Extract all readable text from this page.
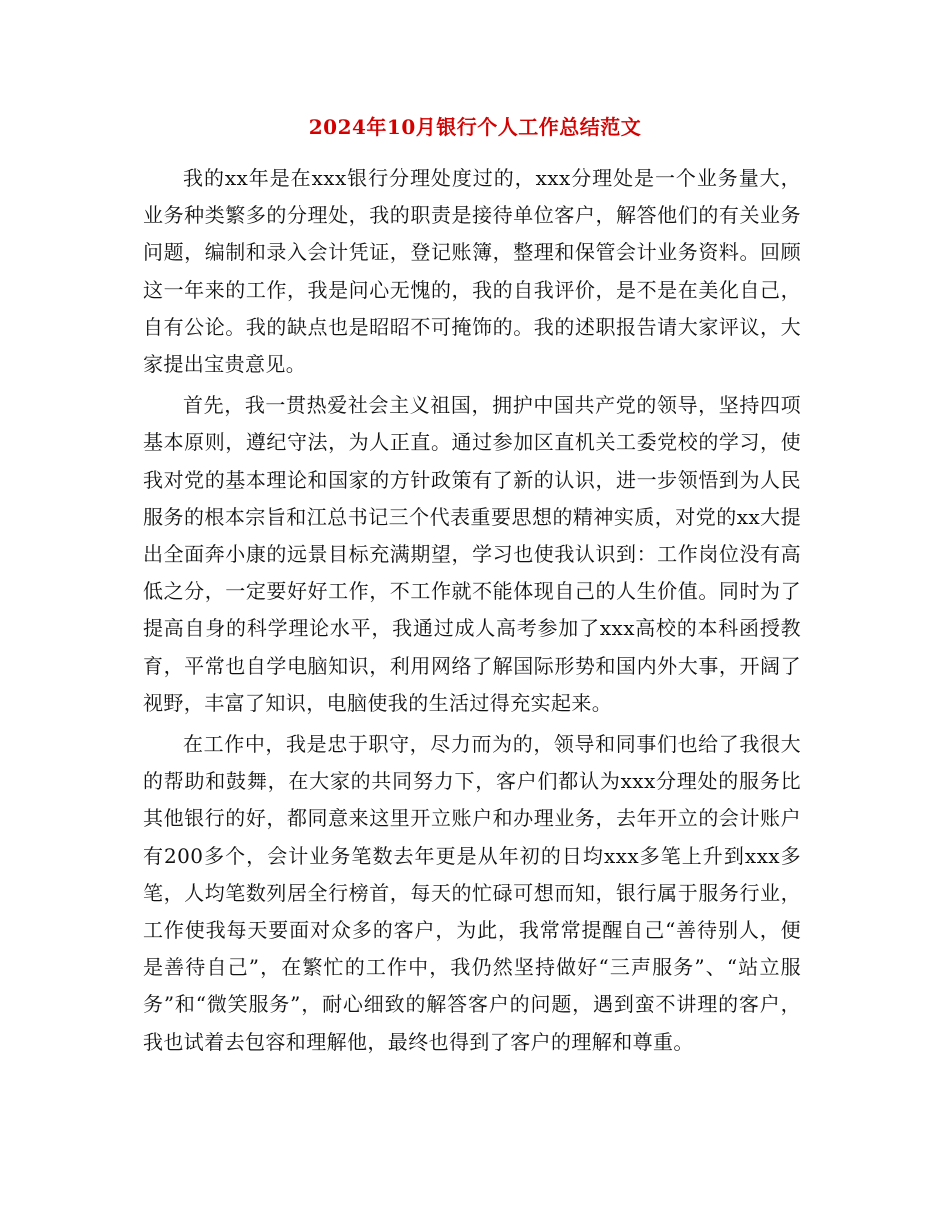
2024年10月银行个人工作总结范文

我的xx年是在xxx银行分理处度过的，xxx分理处是一个业务量大，业务种类繁多的分理处，我的职责是接待单位客户，解答他们的有关业务问题，编制和录入会计凭证，登记账簿，整理和保管会计业务资料。回顾这一年来的工作，我是问心无愧的，我的自我评价，是不是在美化自己，自有公论。我的缺点也是昭昭不可掩饰的。我的述职报告请大家评议，大家提出宝贵意见。

首先，我一贯热爱社会主义祖国，拥护中国共产党的领导，坚持四项基本原则，遵纪守法，为人正直。通过参加区直机关工委党校的学习，使我对党的基本理论和国家的方针政策有了新的认识，进一步领悟到为人民服务的根本宗旨和江总书记三个代表重要思想的精神实质，对党的xx大提出全面奔小康的远景目标充满期望，学习也使我认识到：工作岗位没有高低之分，一定要好好工作，不工作就不能体现自己的人生价值。同时为了提高自身的科学理论水平，我通过成人高考参加了xxx高校的本科函授教育，平常也自学电脑知识，利用网络了解国际形势和国内外大事，开阔了视野，丰富了知识，电脑使我的生活过得充实起来。

在工作中，我是忠于职守，尽力而为的，领导和同事们也给了我很大的帮助和鼓舞，在大家的共同努力下，客户们都认为xxx分理处的服务比其他银行的好，都同意来这里开立账户和办理业务，去年开立的会计账户有200多个，会计业务笔数去年更是从年初的日均xxx多笔上升到xxx多笔，人均笔数列居全行榜首，每天的忙碌可想而知，银行属于服务行业，工作使我每天要面对众多的客户，为此，我常常提醒自己“善待别人，便是善待自己”，在繁忙的工作中，我仍然坚持做好“三声服务”、“站立服务”和“微笑服务”，耐心细致的解答客户的问题，遇到蛮不讲理的客户，我也试着去包容和理解他，最终也得到了客户的理解和尊重。
